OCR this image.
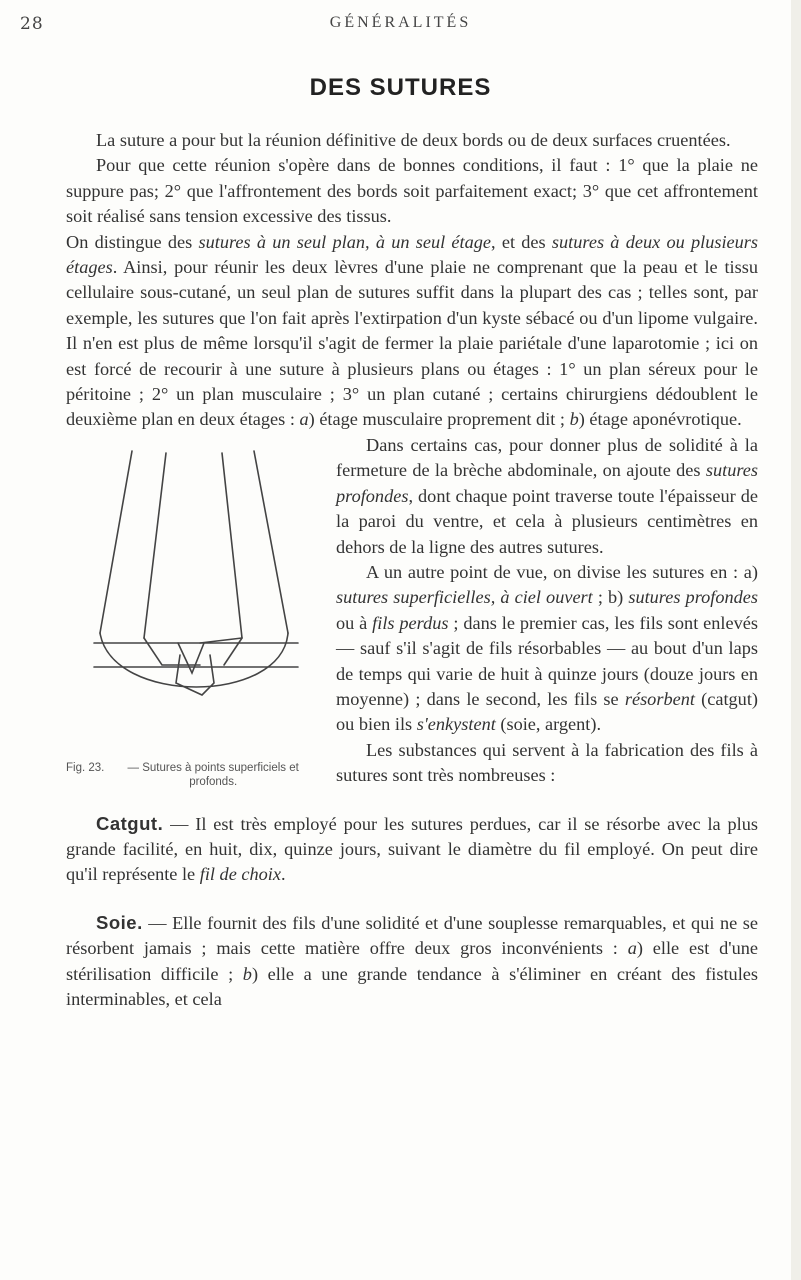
28	GÉNÉRALITÉS
DES SUTURES

La suture a pour but la réunion définitive de deux bords ou de deux surfaces cruentées.

Pour que cette réunion s'opère dans de bonnes conditions, il faut : 1° que la plaie ne suppure pas; 2° que l'affrontement des bords soit parfaitement exact; 3° que cet affrontement soit réalisé sans tension excessive des tissus.
On distingue des sutures à un seul plan, à un seul étage, et des sutures à deux ou plusieurs étages. Ainsi, pour réunir les deux lèvres d'une plaie ne comprenant que la peau et le tissu cellulaire sous-cutané, un seul plan de sutures suffit dans la plupart des cas ; telles sont, par exemple, les sutures que l'on fait après l'extirpation d'un kyste sébacé ou d'un lipome vulgaire. Il n'en est plus de même lorsqu'il s'agit de fermer la plaie pariétale d'une laparotomie ; ici on est forcé de recourir à une suture à plusieurs plans ou étages : 1° un plan séreux pour le péritoine ; 2° un plan musculaire ; 3° un plan cutané ; certains chirurgiens dédoublent le deuxième plan en deux étages : a) étage musculaire proprement dit ; b) étage aponévrotique.

Fig. 23.	— Sutures à points superficiels et profonds.

Dans certains cas, pour donner plus de solidité à la fermeture de la brèche abdominale, on ajoute des sutures profondes, dont chaque point traverse toute l'épaisseur de la paroi du ventre, et cela à plusieurs centimètres en dehors de la ligne des autres sutures.

A un autre point de vue, on divise les sutures en : a) sutures superficielles, à ciel ouvert ; b) sutures profondes ou à fils perdus ; dans le premier cas, les fils sont enlevés — sauf s'il s'agit de fils résorbables — au bout d'un laps de temps qui varie de huit à quinze jours (douze jours en moyenne) ; dans le second, les fils se résorbent (catgut) ou bien ils s'enkystent (soie, argent).

Les substances qui servent à la fabrication des fils à sutures sont très nombreuses :

Catgut. — Il est très employé pour les sutures perdues, car il se résorbe avec la plus grande facilité, en huit, dix, quinze jours, suivant le diamètre du fil employé. On peut dire qu'il représente le fil de choix.

Soie. — Elle fournit des fils d'une solidité et d'une souplesse remarquables, et qui ne se résorbent jamais ; mais cette matière offre deux gros inconvénients : a) elle est d'une stérilisation difficile ; b) elle a une grande tendance à s'éliminer en créant des fistules interminables, et cela
